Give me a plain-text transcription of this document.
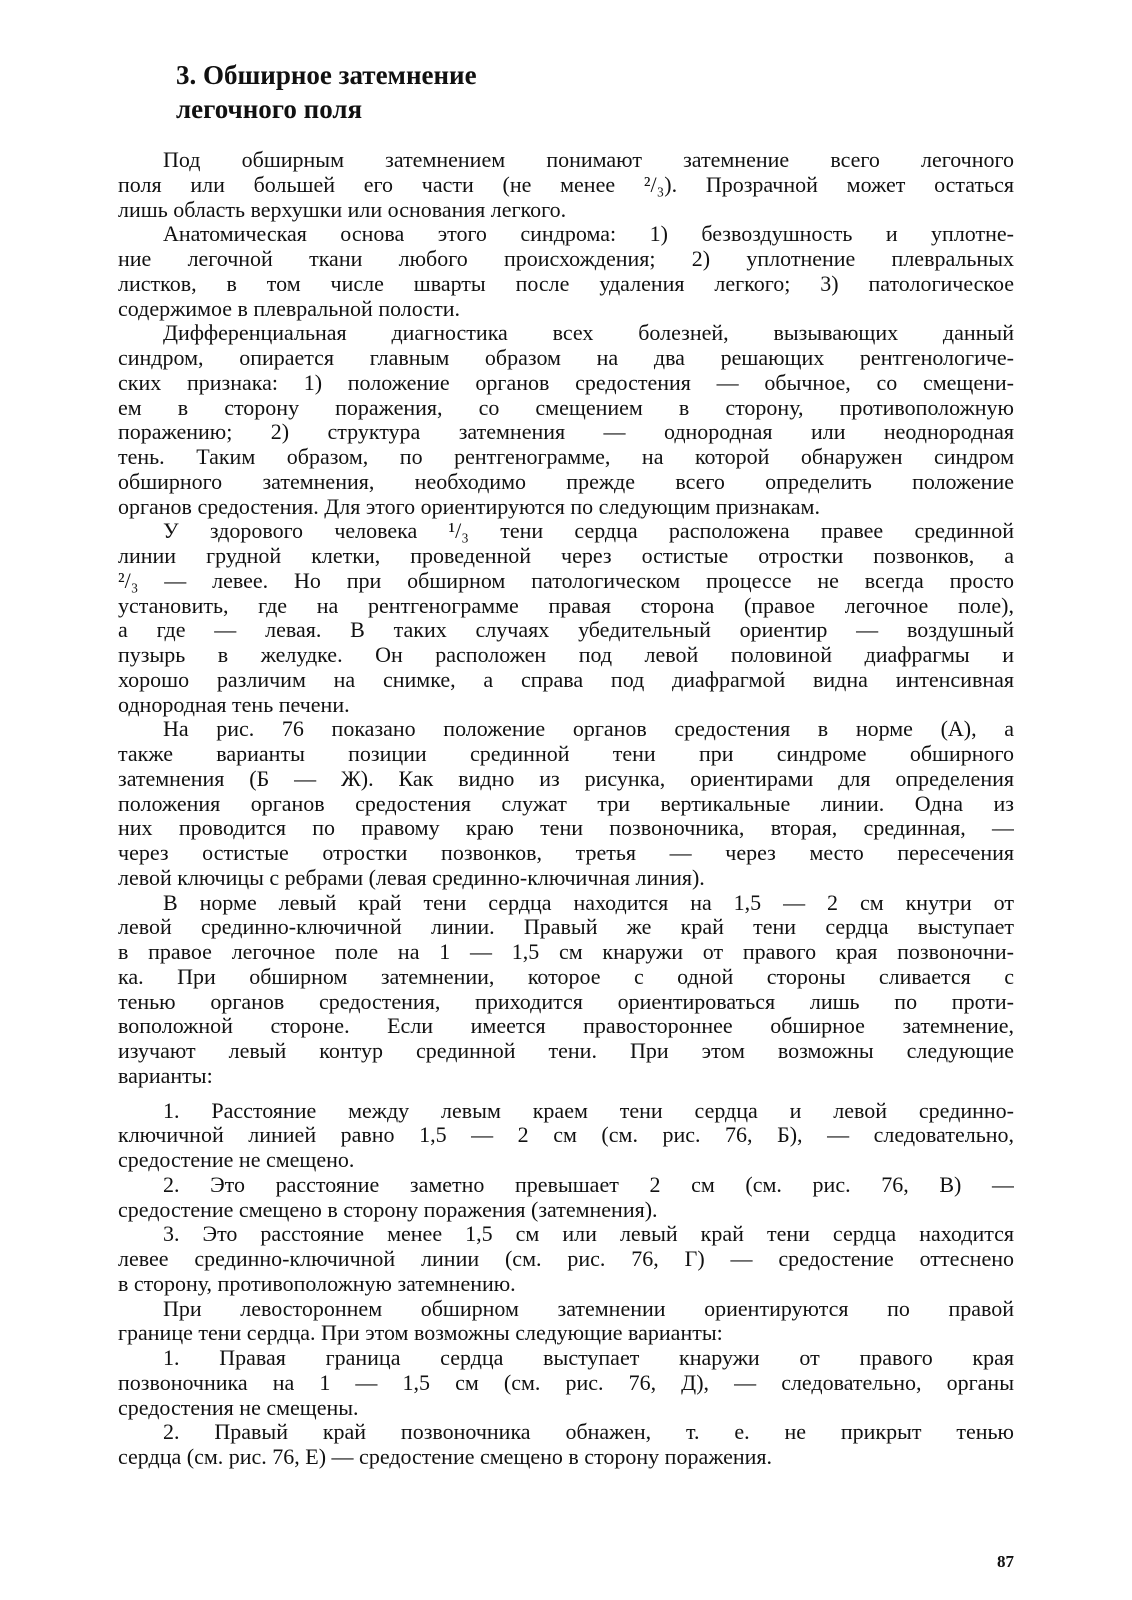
3. Обширное затемнение
легочного поля
Под обширным затемнением понимают затемнение всего легочного
поля или большей его части (не менее ²/₃). Прозрачной может остаться
лишь область верхушки или основания легкого.
Анатомическая основа этого синдрома: 1) безвоздушность и уплотне-
ние легочной ткани любого происхождения; 2) уплотнение плевральных
листков, в том числе шварты после удаления легкого; 3) патологическое
содержимое в плевральной полости.
Дифференциальная диагностика всех болезней, вызывающих данный
синдром, опирается главным образом на два решающих рентгенологиче-
ских признака: 1) положение органов средостения — обычное, со смещени-
ем в сторону поражения, со смещением в сторону, противоположную
поражению; 2) структура затемнения — однородная или неоднородная
тень. Таким образом, по рентгенограмме, на которой обнаружен синдром
обширного затемнения, необходимо прежде всего определить положение
органов средостения. Для этого ориентируются по следующим признакам.
У здорового человека ¹/₃ тени сердца расположена правее срединной
линии грудной клетки, проведенной через остистые отростки позвонков, а
²/₃ — левее. Но при обширном патологическом процессе не всегда просто
установить, где на рентгенограмме правая сторона (правое легочное поле),
а где — левая. В таких случаях убедительный ориентир — воздушный
пузырь в желудке. Он расположен под левой половиной диафрагмы и
хорошо различим на снимке, а справа под диафрагмой видна интенсивная
однородная тень печени.
На рис. 76 показано положение органов средостения в норме (А), а
также варианты позиции срединной тени при синдроме обширного
затемнения (Б — Ж). Как видно из рисунка, ориентирами для определения
положения органов средостения служат три вертикальные линии. Одна из
них проводится по правому краю тени позвоночника, вторая, срединная, —
через остистые отростки позвонков, третья — через место пересечения
левой ключицы с ребрами (левая срединно-ключичная линия).
В норме левый край тени сердца находится на 1,5 — 2 см кнутри от
левой срединно-ключичной линии. Правый же край тени сердца выступает
в правое легочное поле на 1 — 1,5 см кнаружи от правого края позвоночни-
ка. При обширном затемнении, которое с одной стороны сливается с
тенью органов средостения, приходится ориентироваться лишь по проти-
воположной стороне. Если имеется правостороннее обширное затемнение,
изучают левый контур срединной тени. При этом возможны следующие
варианты:
1. Расстояние между левым краем тени сердца и левой срединно-
ключичной линией равно 1,5 — 2 см (см. рис. 76, Б), — следовательно,
средостение не смещено.
2. Это расстояние заметно превышает 2 см (см. рис. 76, В) —
средостение смещено в сторону поражения (затемнения).
3. Это расстояние менее 1,5 см или левый край тени сердца находится
левее срединно-ключичной линии (см. рис. 76, Г) — средостение оттеснено
в сторону, противоположную затемнению.
При левостороннем обширном затемнении ориентируются по правой
границе тени сердца. При этом возможны следующие варианты:
1. Правая граница сердца выступает кнаружи от правого края
позвоночника на 1 — 1,5 см (см. рис. 76, Д), — следовательно, органы
средостения не смещены.
2. Правый край позвоночника обнажен, т. е. не прикрыт тенью
сердца (см. рис. 76, Е) — средостение смещено в сторону поражения.
87
